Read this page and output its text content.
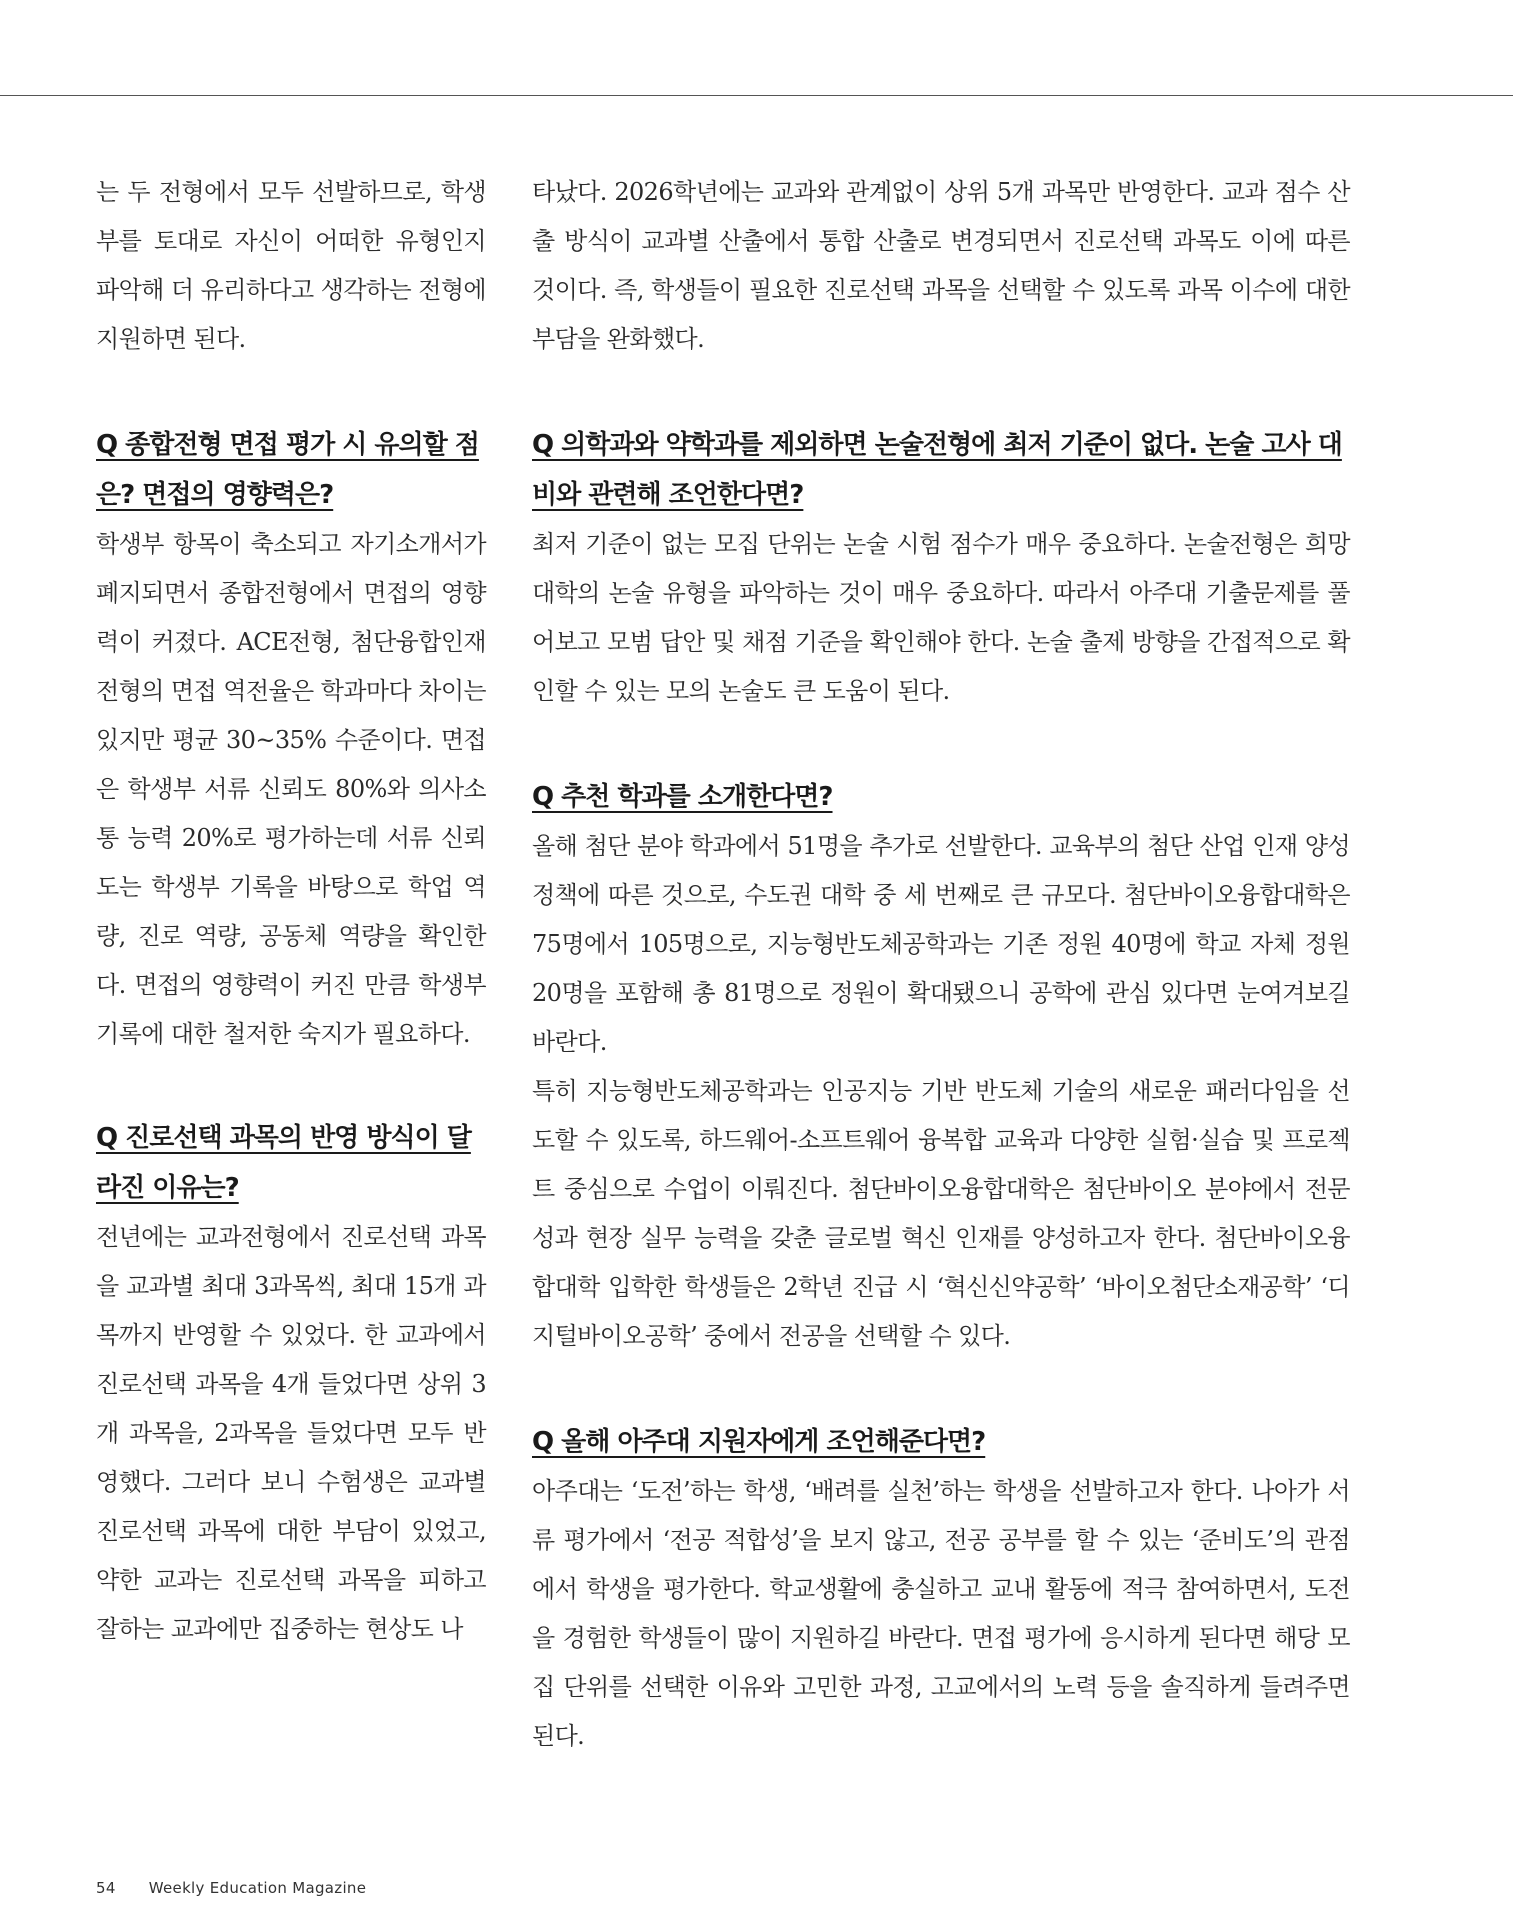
는 두 전형에서 모두 선발하므로, 학생부를 토대로 자신이 어떠한 유형인지 파악해 더 유리하다고 생각하는 전형에 지원하면 된다.

Q 종합전형 면접 평가 시 유의할 점은? 면접의 영향력은?

학생부 항목이 축소되고 자기소개서가 폐지되면서 종합전형에서 면접의 영향력이 커졌다. ACE전형, 첨단융합인재전형의 면접 역전율은 학과마다 차이는 있지만 평균 30~35% 수준이다. 면접은 학생부 서류 신뢰도 80%와 의사소통 능력 20%로 평가하는데 서류 신뢰도는 학생부 기록을 바탕으로 학업 역량, 진로 역량, 공동체 역량을 확인한다. 면접의 영향력이 커진 만큼 학생부 기록에 대한 철저한 숙지가 필요하다.

Q 진로선택 과목의 반영 방식이 달라진 이유는?

전년에는 교과전형에서 진로선택 과목을 교과별 최대 3과목씩, 최대 15개 과목까지 반영할 수 있었다. 한 교과에서 진로선택 과목을 4개 들었다면 상위 3개 과목을, 2과목을 들었다면 모두 반영했다. 그러다 보니 수험생은 교과별 진로선택 과목에 대한 부담이 있었고, 약한 교과는 진로선택 과목을 피하고 잘하는 교과에만 집중하는 현상도 나

타났다. 2026학년에는 교과와 관계없이 상위 5개 과목만 반영한다. 교과 점수 산출 방식이 교과별 산출에서 통합 산출로 변경되면서 진로선택 과목도 이에 따른 것이다. 즉, 학생들이 필요한 진로선택 과목을 선택할 수 있도록 과목 이수에 대한 부담을 완화했다.

Q 의학과와 약학과를 제외하면 논술전형에 최저 기준이 없다. 논술 고사 대비와 관련해 조언한다면?

최저 기준이 없는 모집 단위는 논술 시험 점수가 매우 중요하다. 논술전형은 희망 대학의 논술 유형을 파악하는 것이 매우 중요하다. 따라서 아주대 기출문제를 풀어보고 모범 답안 및 채점 기준을 확인해야 한다. 논술 출제 방향을 간접적으로 확인할 수 있는 모의 논술도 큰 도움이 된다.

Q 추천 학과를 소개한다면?

올해 첨단 분야 학과에서 51명을 추가로 선발한다. 교육부의 첨단 산업 인재 양성 정책에 따른 것으로, 수도권 대학 중 세 번째로 큰 규모다. 첨단바이오융합대학은 75명에서 105명으로, 지능형반도체공학과는 기존 정원 40명에 학교 자체 정원 20명을 포함해 총 81명으로 정원이 확대됐으니 공학에 관심 있다면 눈여겨보길 바란다.

특히 지능형반도체공학과는 인공지능 기반 반도체 기술의 새로운 패러다임을 선도할 수 있도록, 하드웨어-소프트웨어 융복합 교육과 다양한 실험·실습 및 프로젝트 중심으로 수업이 이뤄진다. 첨단바이오융합대학은 첨단바이오 분야에서 전문성과 현장 실무 능력을 갖춘 글로벌 혁신 인재를 양성하고자 한다. 첨단바이오융합대학 입학한 학생들은 2학년 진급 시 ‘혁신신약공학’ ‘바이오첨단소재공학’ ‘디지털바이오공학’ 중에서 전공을 선택할 수 있다.

Q 올해 아주대 지원자에게 조언해준다면?

아주대는 ‘도전’하는 학생, ‘배려를 실천’하는 학생을 선발하고자 한다. 나아가 서류 평가에서 ‘전공 적합성’을 보지 않고, 전공 공부를 할 수 있는 ‘준비도’의 관점에서 학생을 평가한다. 학교생활에 충실하고 교내 활동에 적극 참여하면서, 도전을 경험한 학생들이 많이 지원하길 바란다. 면접 평가에 응시하게 된다면 해당 모집 단위를 선택한 이유와 고민한 과정, 고교에서의 노력 등을 솔직하게 들려주면 된다.

54 Weekly Education Magazine
